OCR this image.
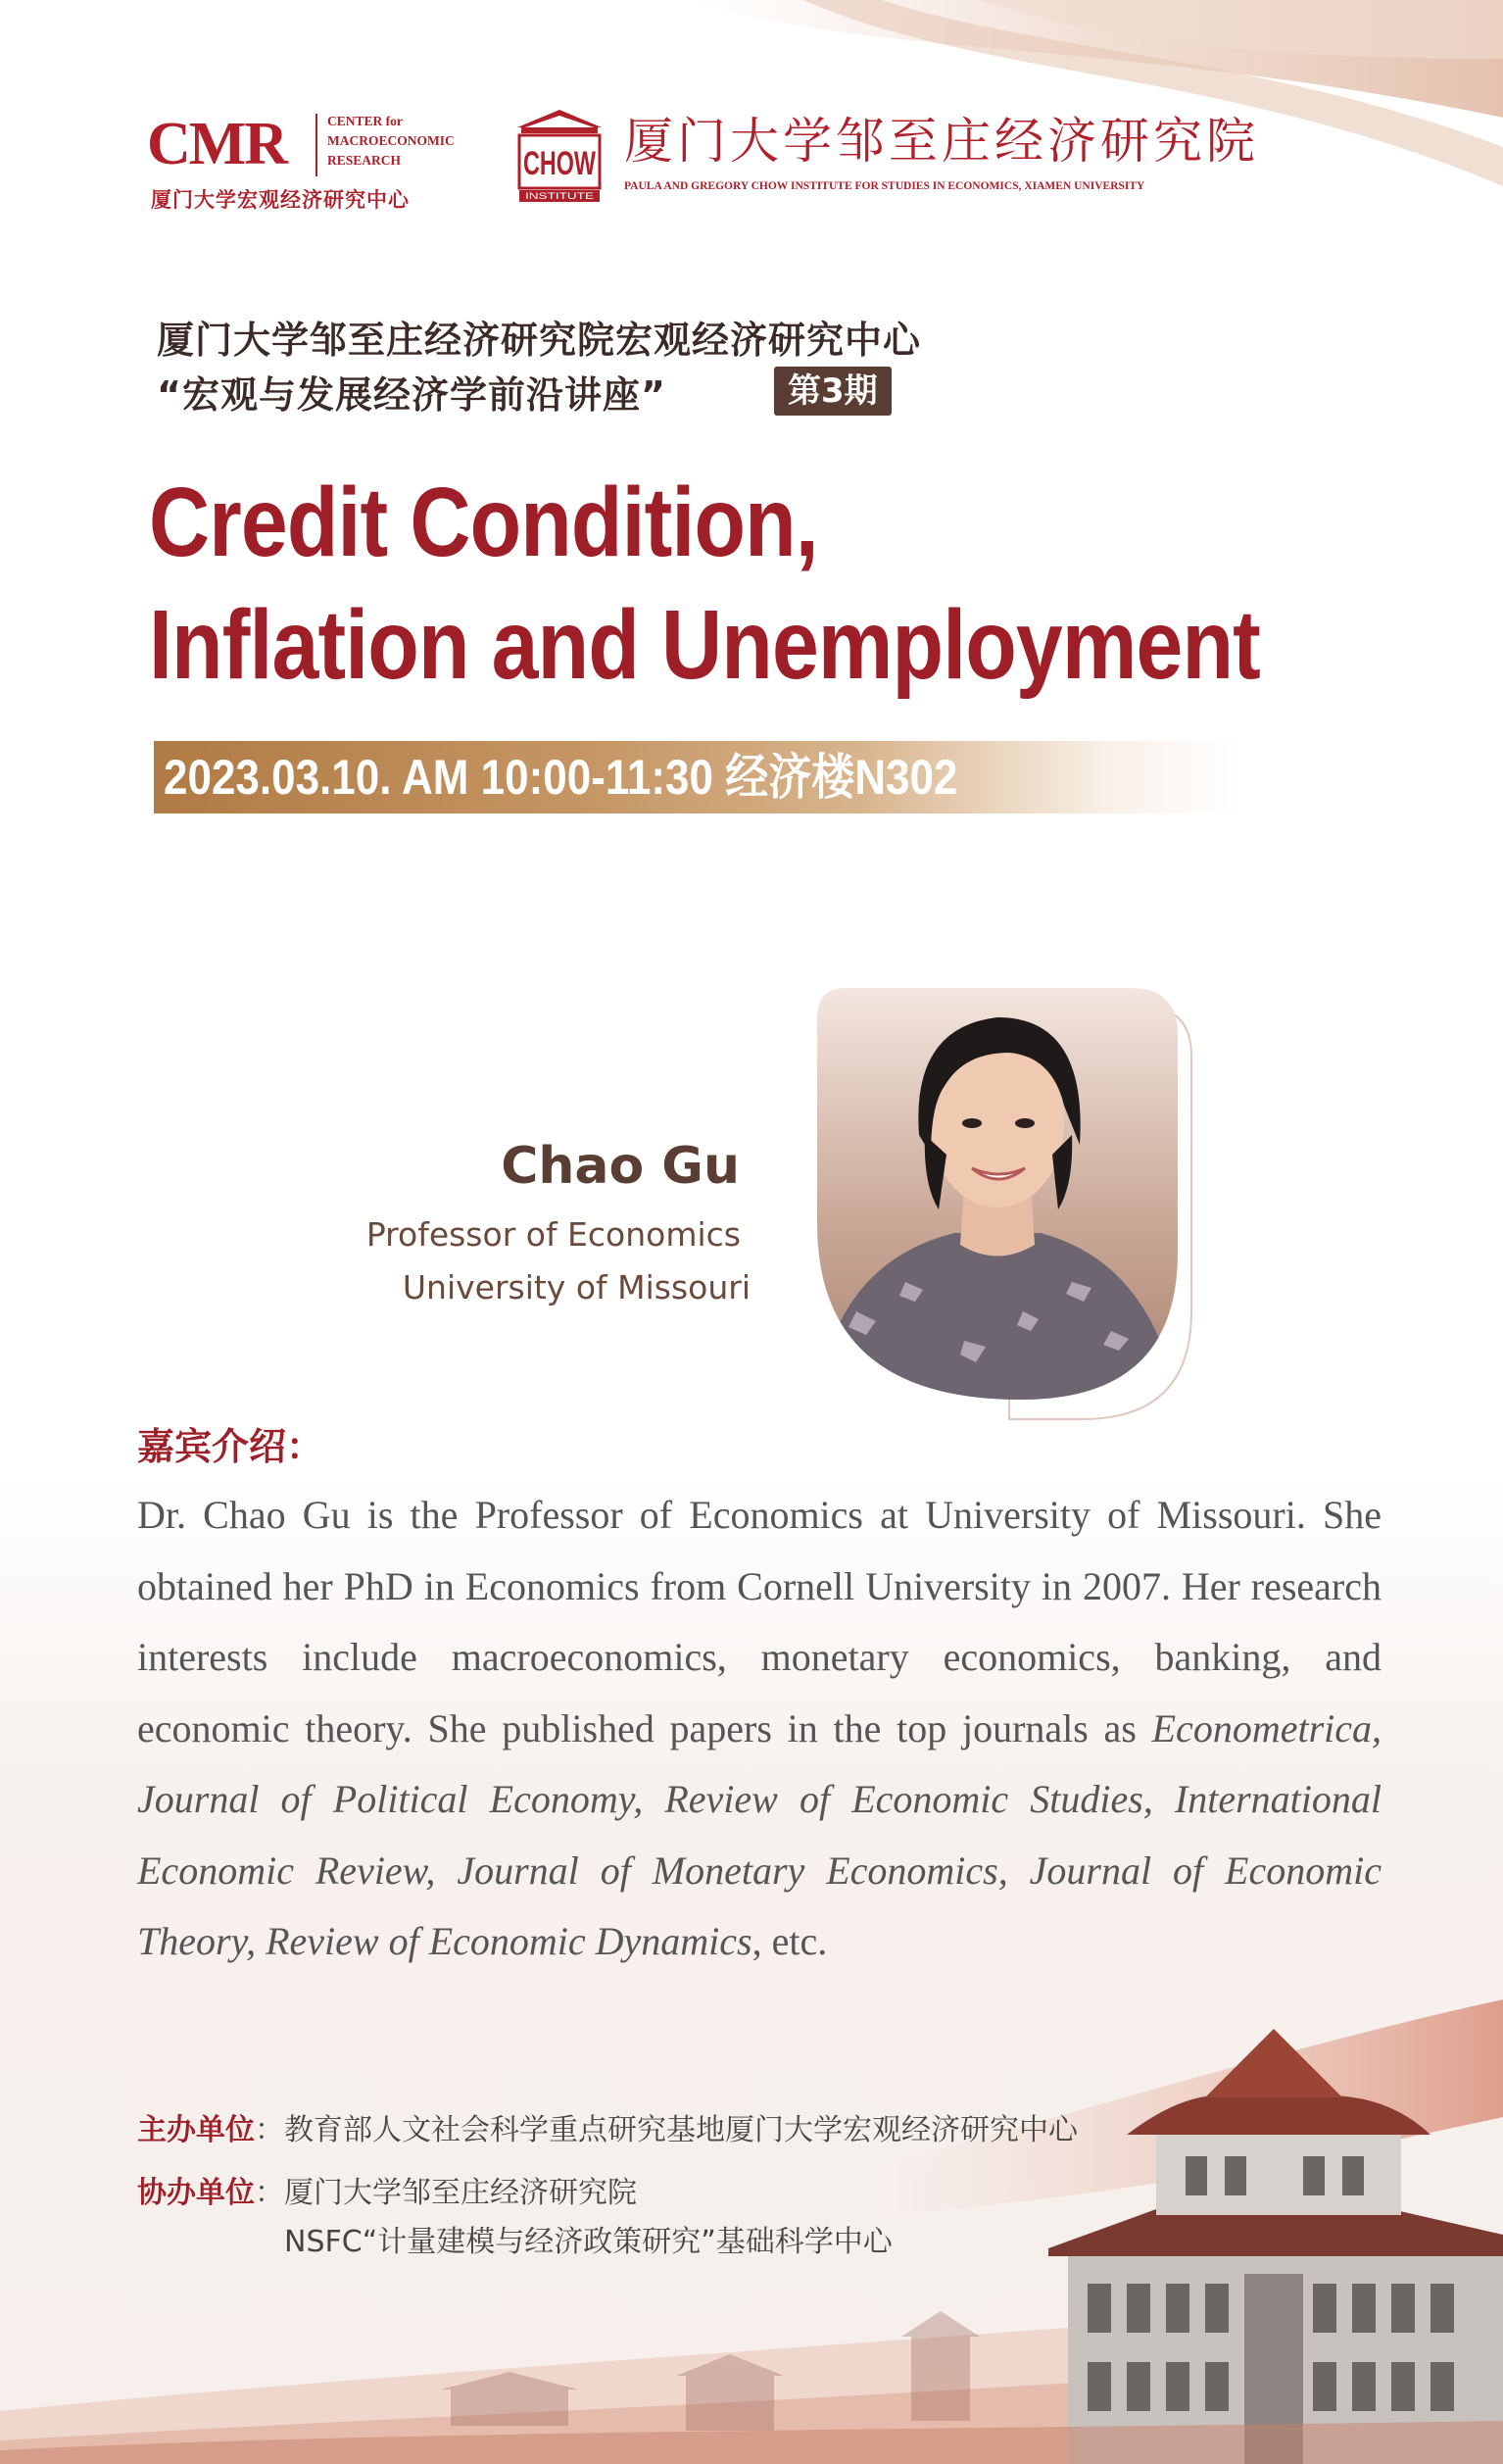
CMR	CENTER for
MACROECONOMIC
RESEARCH
厦门大学宏观经济研究中心
CHOW
INSTITUTE
厦门大学邹至庄经济研究院
PAULA AND GREGORY CHOW INSTITUTE FOR STUDIES IN ECONOMICS, XIAMEN UNIVERSITY
厦门大学邹至庄经济研究院宏观经济研究中心
“宏观与发展经济学前沿讲座”	第3期
Credit Condition,
Inflation and Unemployment
2023.03.10. AM 10:00-11:30 经济楼N302
Chao Gu
Professor of Economics
University of Missouri
嘉宾介绍：
Dr. Chao Gu is the Professor of Economics at University of Missouri. She obtained her PhD in Economics from Cornell University in 2007. Her research interests include macroeconomics, monetary economics, banking, and economic theory. She published papers in the top journals as Econometrica, Journal of Political Economy, Review of Economic Studies, International Economic Review, Journal of Monetary Economics, Journal of Economic Theory, Review of Economic Dynamics, etc.
主办单位：教育部人文社会科学重点研究基地厦门大学宏观经济研究中心
协办单位：厦门大学邹至庄经济研究院
NSFC“计量建模与经济政策研究”基础科学中心
